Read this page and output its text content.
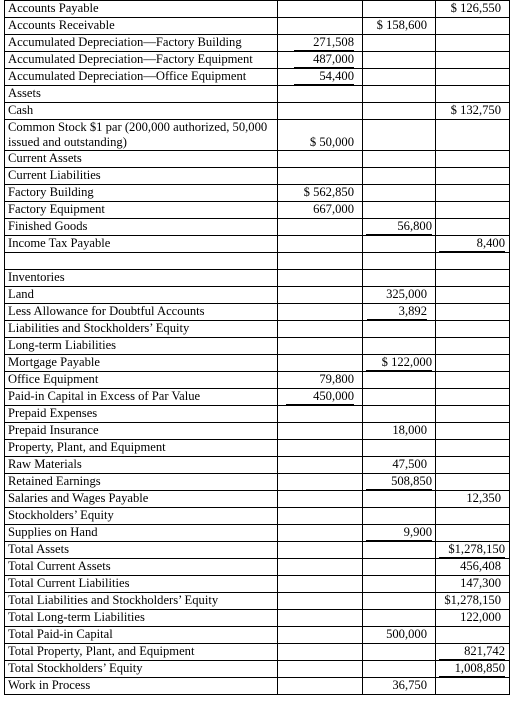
Accounts Payable			$ 126,550
Accounts Receivable		$ 158,600	
Accumulated Depreciation—Factory Building	271,508		
Accumulated Depreciation—Factory Equipment	487,000		
Accumulated Depreciation—Office Equipment	54,400		
Assets			
Cash			$ 132,750
Common Stock $1 par (200,000 authorized, 50,000 issued and outstanding)	$ 50,000		
Current Assets			
Current Liabilities			
Factory Building	$ 562,850		
Factory Equipment	667,000		
Finished Goods		56,800	
Income Tax Payable			8,400

Inventories			
Land		325,000	
Less Allowance for Doubtful Accounts		3,892	
Liabilities and Stockholders’ Equity			
Long-term Liabilities			
Mortgage Payable		$ 122,000	
Office Equipment	79,800		
Paid-in Capital in Excess of Par Value	450,000		
Prepaid Expenses			
Prepaid Insurance		18,000	
Property, Plant, and Equipment			
Raw Materials		47,500	
Retained Earnings		508,850	
Salaries and Wages Payable			12,350
Stockholders’ Equity			
Supplies on Hand		9,900	
Total Assets			$1,278,150
Total Current Assets			456,408
Total Current Liabilities			147,300
Total Liabilities and Stockholders’ Equity			$1,278,150
Total Long-term Liabilities			122,000
Total Paid-in Capital		500,000	
Total Property, Plant, and Equipment			821,742
Total Stockholders’ Equity			1,008,850
Work in Process		36,750	
